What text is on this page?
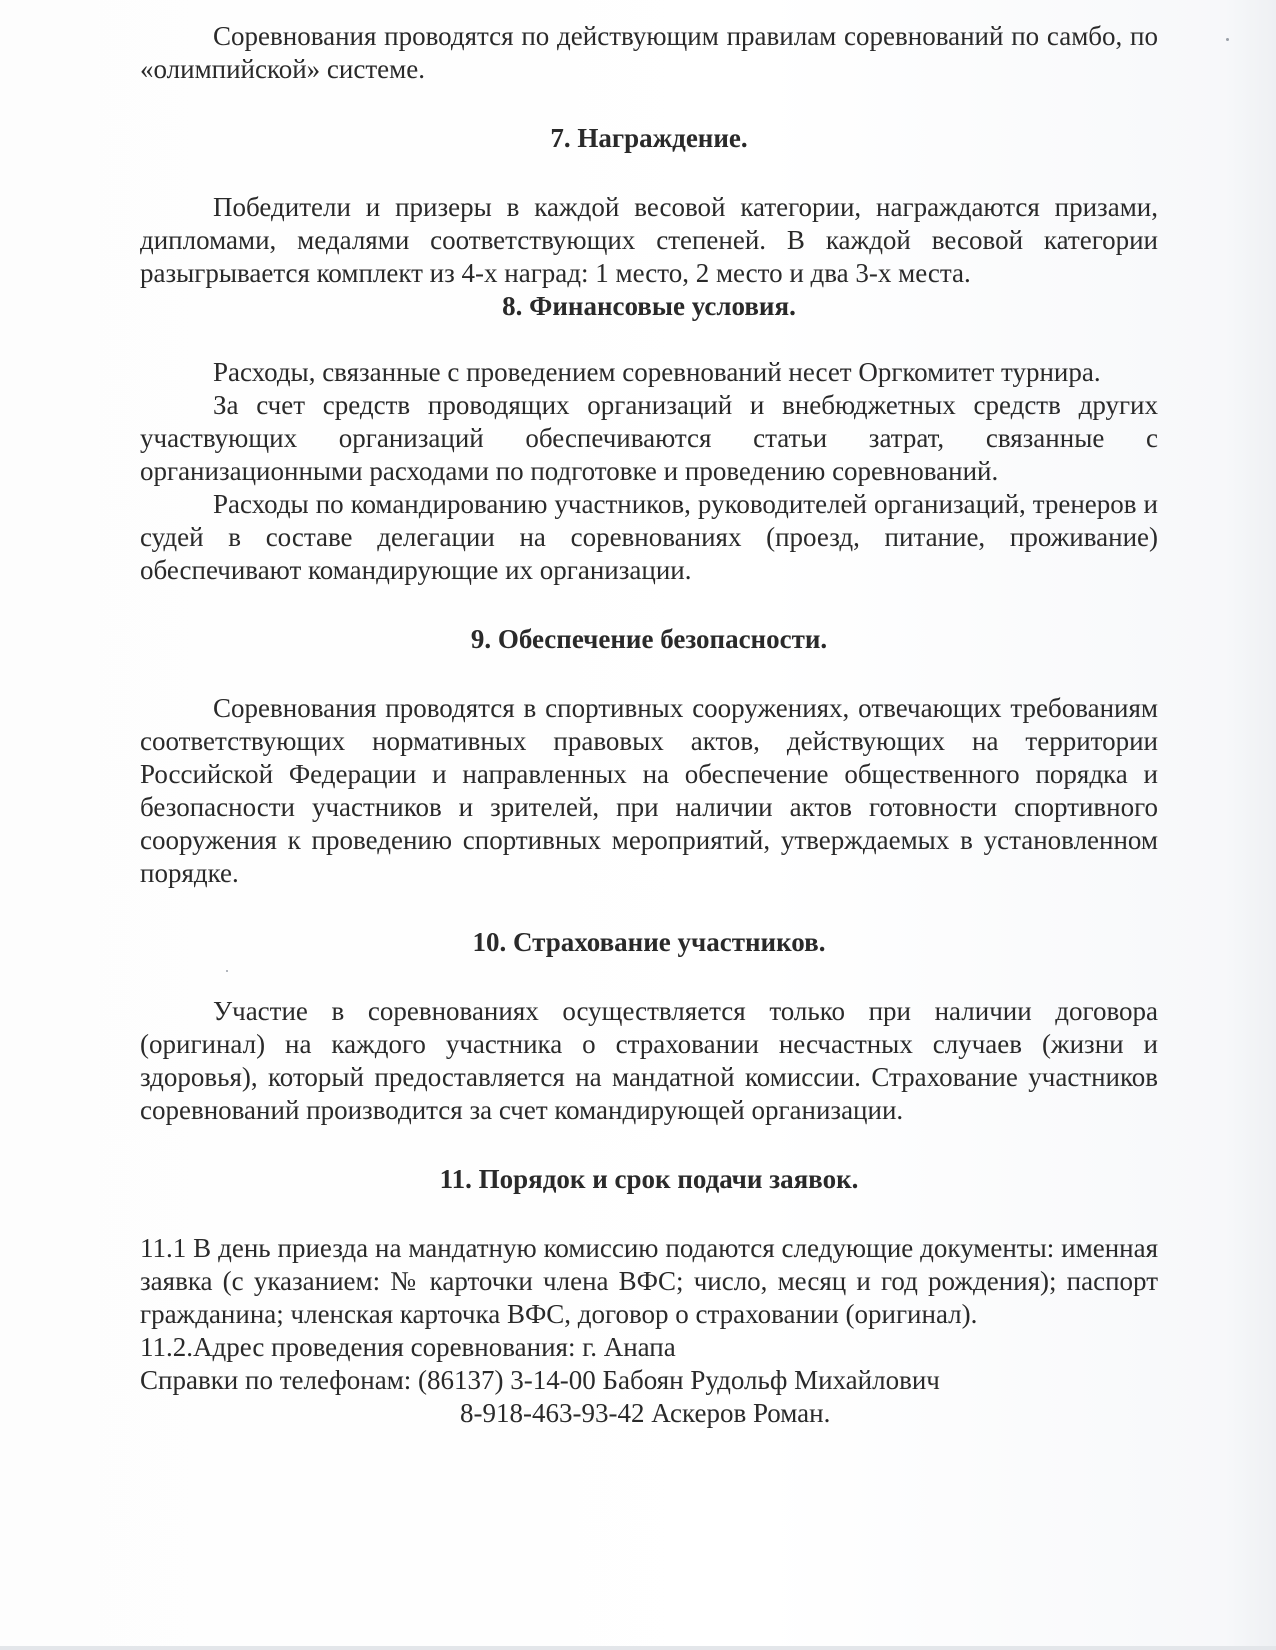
Соревнования проводятся по действующим правилам соревнований по самбо, по «олимпийской» системе.

7. Награждение.

Победители и призеры в каждой весовой категории, награждаются призами, дипломами, медалями соответствующих степеней. В каждой весовой категории разыгрывается комплект из 4-х наград: 1 место, 2 место и два 3-х места.

8. Финансовые условия.

Расходы, связанные с проведением соревнований несет Оргкомитет турнира.

За счет средств проводящих организаций и внебюджетных средств других участвующих организаций обеспечиваются статьи затрат, связанные с организационными расходами по подготовке и проведению соревнований.

Расходы по командированию участников, руководителей организаций, тренеров и судей в составе делегации на соревнованиях (проезд, питание, проживание) обеспечивают командирующие их организации.

9. Обеспечение безопасности.

Соревнования проводятся в спортивных сооружениях, отвечающих требованиям соответствующих нормативных правовых актов, действующих на территории Российской Федерации и направленных на обеспечение общественного порядка и безопасности участников и зрителей, при наличии актов готовности спортивного сооружения к проведению спортивных мероприятий, утверждаемых в установленном порядке.

10. Страхование участников.

Участие в соревнованиях осуществляется только при наличии договора (оригинал) на каждого участника о страховании несчастных случаев (жизни и здоровья), который предоставляется на мандатной комиссии. Страхование участников соревнований производится за счет командирующей организации.

11. Порядок и срок подачи заявок.

11.1 В день приезда на мандатную комиссию подаются следующие документы: именная заявка (с указанием: № карточки члена ВФС; число, месяц и год рождения); паспорт гражданина; членская карточка ВФС, договор о страховании (оригинал).

11.2.Адрес проведения соревнования: г. Анапа

Справки по телефонам: (86137) 3-14-00 Бабоян Рудольф Михайлович

8-918-463-93-42 Аскеров Роман.
